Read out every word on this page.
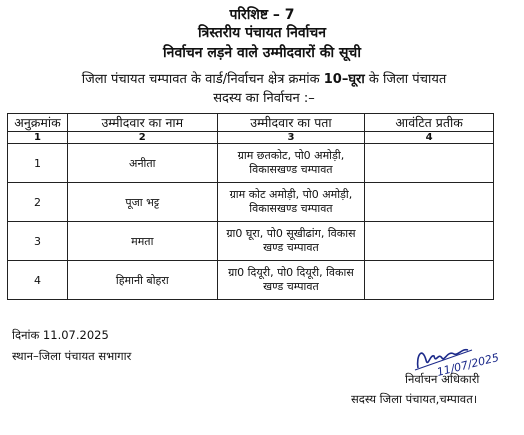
परिशिष्ट – 7
त्रिस्तरीय पंचायत निर्वाचन
निर्वाचन लड़ने वाले उम्मीदवारों की सूची
जिला पंचायत चम्पावत के वार्ड/निर्वाचन क्षेत्र क्रमांक 10–घूरा के जिला पंचायत
सदस्य का निर्वाचन :–
अनुक्रमांक	उम्मीदवार का नाम	उम्मीदवार का पता	आवंटित प्रतीक
1	2	3	4
1	अनीता	ग्राम छतकोट, पो0 अमोड़ी, विकासखण्ड चम्पावत	
2	पूजा भट्ट	ग्राम कोट अमोड़ी, पो0 अमोड़ी, विकासखण्ड चम्पावत	
3	ममता	ग्रा0 घूरा, पो0 सूखीढांग, विकास खण्ड चम्पावत	
4	हिमानी बोहरा	ग्रा0 दियूरी, पो0 दियूरी, विकास खण्ड चम्पावत	
दिनांक 11.07.2025
स्थान–जिला पंचायत सभागार	11/07/2025
निर्वाचन अधिकारी
सदस्य जिला पंचायत,चम्पावत।
